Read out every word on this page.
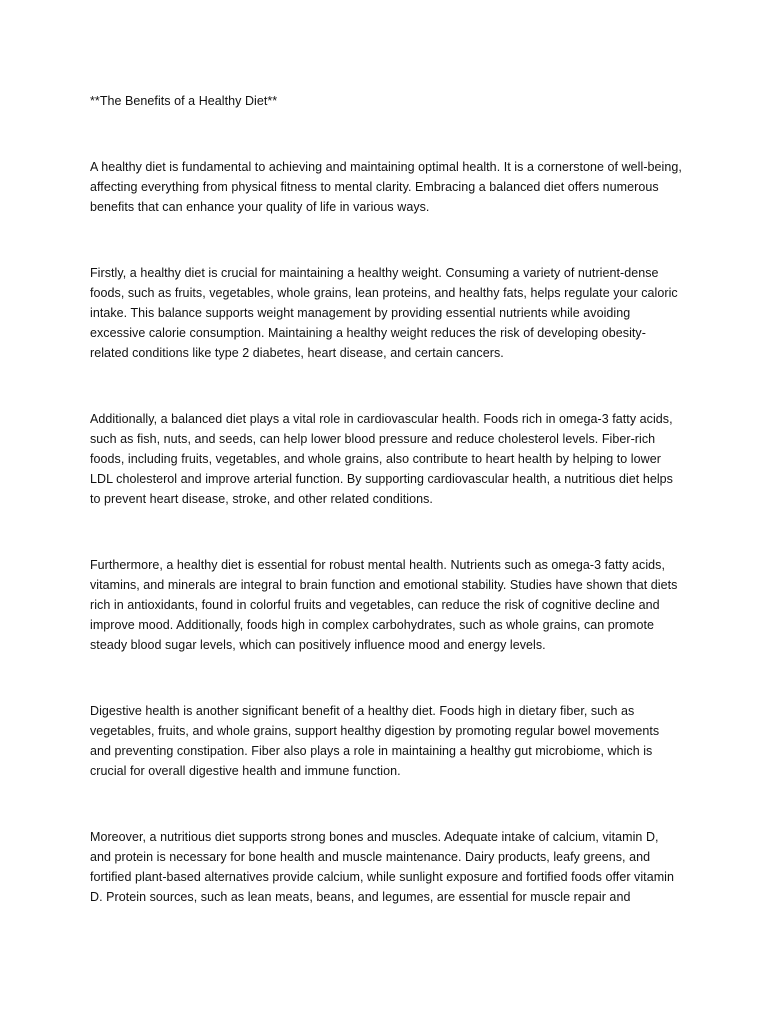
**The Benefits of a Healthy Diet**

A healthy diet is fundamental to achieving and maintaining optimal health. It is a cornerstone of well-being, affecting everything from physical fitness to mental clarity. Embracing a balanced diet offers numerous benefits that can enhance your quality of life in various ways.

Firstly, a healthy diet is crucial for maintaining a healthy weight. Consuming a variety of nutrient-dense foods, such as fruits, vegetables, whole grains, lean proteins, and healthy fats, helps regulate your caloric intake. This balance supports weight management by providing essential nutrients while avoiding excessive calorie consumption. Maintaining a healthy weight reduces the risk of developing obesity-related conditions like type 2 diabetes, heart disease, and certain cancers.

Additionally, a balanced diet plays a vital role in cardiovascular health. Foods rich in omega-3 fatty acids, such as fish, nuts, and seeds, can help lower blood pressure and reduce cholesterol levels. Fiber-rich foods, including fruits, vegetables, and whole grains, also contribute to heart health by helping to lower LDL cholesterol and improve arterial function. By supporting cardiovascular health, a nutritious diet helps to prevent heart disease, stroke, and other related conditions.

Furthermore, a healthy diet is essential for robust mental health. Nutrients such as omega-3 fatty acids, vitamins, and minerals are integral to brain function and emotional stability. Studies have shown that diets rich in antioxidants, found in colorful fruits and vegetables, can reduce the risk of cognitive decline and improve mood. Additionally, foods high in complex carbohydrates, such as whole grains, can promote steady blood sugar levels, which can positively influence mood and energy levels.

Digestive health is another significant benefit of a healthy diet. Foods high in dietary fiber, such as vegetables, fruits, and whole grains, support healthy digestion by promoting regular bowel movements and preventing constipation. Fiber also plays a role in maintaining a healthy gut microbiome, which is crucial for overall digestive health and immune function.

Moreover, a nutritious diet supports strong bones and muscles. Adequate intake of calcium, vitamin D, and protein is necessary for bone health and muscle maintenance. Dairy products, leafy greens, and fortified plant-based alternatives provide calcium, while sunlight exposure and fortified foods offer vitamin D. Protein sources, such as lean meats, beans, and legumes, are essential for muscle repair and
